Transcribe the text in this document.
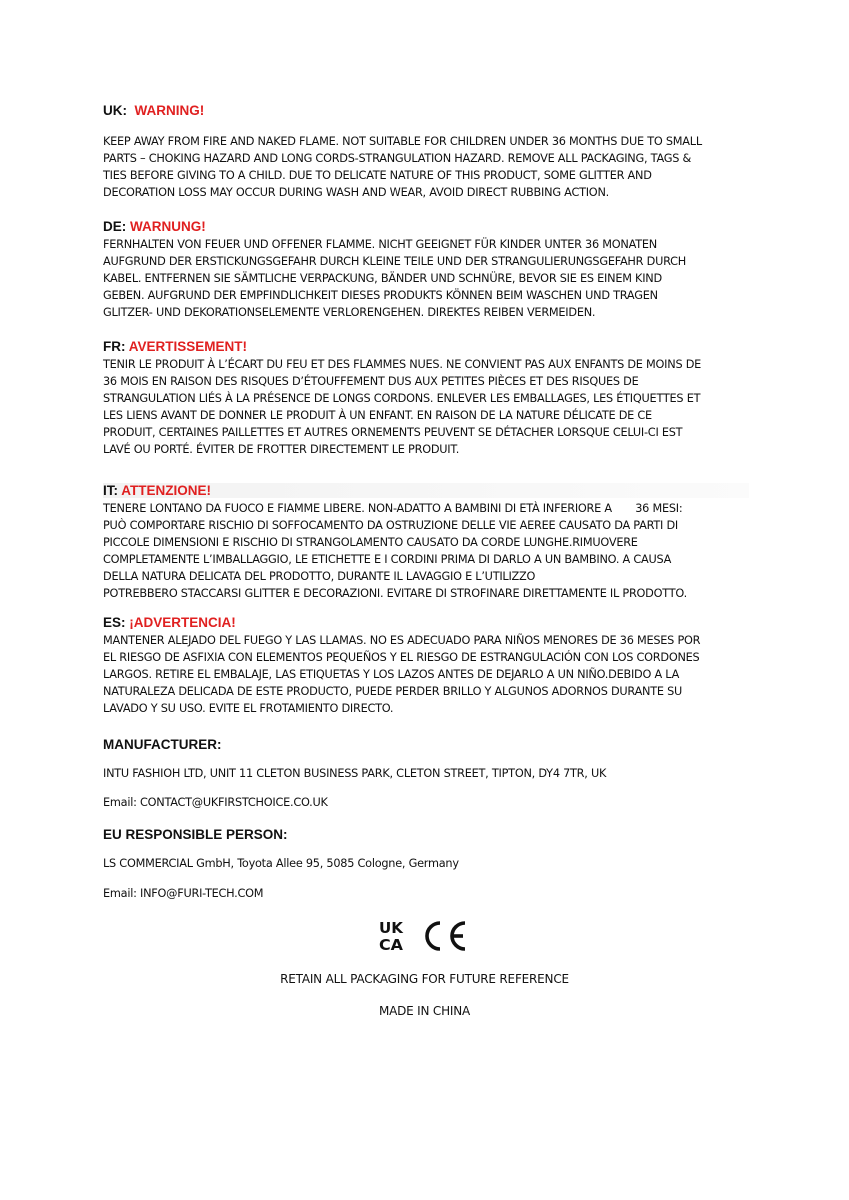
UK: WARNING!
KEEP AWAY FROM FIRE AND NAKED FLAME. NOT SUITABLE FOR CHILDREN UNDER 36 MONTHS DUE TO SMALL
PARTS – CHOKING HAZARD AND LONG CORDS-STRANGULATION HAZARD. REMOVE ALL PACKAGING, TAGS &
TIES BEFORE GIVING TO A CHILD. DUE TO DELICATE NATURE OF THIS PRODUCT, SOME GLITTER AND
DECORATION LOSS MAY OCCUR DURING WASH AND WEAR, AVOID DIRECT RUBBING ACTION.
DE: WARNUNG!
FERNHALTEN VON FEUER UND OFFENER FLAMME. NICHT GEEIGNET FÜR KINDER UNTER 36 MONATEN
AUFGRUND DER ERSTICKUNGSGEFAHR DURCH KLEINE TEILE UND DER STRANGULIERUNGSGEFAHR DURCH
KABEL. ENTFERNEN SIE SÄMTLICHE VERPACKUNG, BÄNDER UND SCHNÜRE, BEVOR SIE ES EINEM KIND
GEBEN. AUFGRUND DER EMPFINDLICHKEIT DIESES PRODUKTS KÖNNEN BEIM WASCHEN UND TRAGEN
GLITZER- UND DEKORATIONSELEMENTE VERLORENGEHEN. DIREKTES REIBEN VERMEIDEN.
FR: AVERTISSEMENT!
TENIR LE PRODUIT À L’ÉCART DU FEU ET DES FLAMMES NUES. NE CONVIENT PAS AUX ENFANTS DE MOINS DE
36 MOIS EN RAISON DES RISQUES D’ÉTOUFFEMENT DUS AUX PETITES PIÈCES ET DES RISQUES DE
STRANGULATION LIÉS À LA PRÉSENCE DE LONGS CORDONS. ENLEVER LES EMBALLAGES, LES ÉTIQUETTES ET
LES LIENS AVANT DE DONNER LE PRODUIT À UN ENFANT. EN RAISON DE LA NATURE DÉLICATE DE CE
PRODUIT, CERTAINES PAILLETTES ET AUTRES ORNEMENTS PEUVENT SE DÉTACHER LORSQUE CELUI-CI EST
LAVÉ OU PORTÉ. ÉVITER DE FROTTER DIRECTEMENT LE PRODUIT.
IT: ATTENZIONE!
TENERE LONTANO DA FUOCO E FIAMME LIBERE. NON-ADATTO A BAMBINI DI ETÀ INFERIORE A       36 MESI:
PUÒ COMPORTARE RISCHIO DI SOFFOCAMENTO DA OSTRUZIONE DELLE VIE AEREE CAUSATO DA PARTI DI
PICCOLE DIMENSIONI E RISCHIO DI STRANGOLAMENTO CAUSATO DA CORDE LUNGHE.RIMUOVERE
COMPLETAMENTE L’IMBALLAGGIO, LE ETICHETTE E I CORDINI PRIMA DI DARLO A UN BAMBINO. A CAUSA
DELLA NATURA DELICATA DEL PRODOTTO, DURANTE IL LAVAGGIO E L’UTILIZZO
POTREBBERO STACCARSI GLITTER E DECORAZIONI. EVITARE DI STROFINARE DIRETTAMENTE IL PRODOTTO.
ES: ¡ADVERTENCIA!
MANTENER ALEJADO DEL FUEGO Y LAS LLAMAS. NO ES ADECUADO PARA NIÑOS MENORES DE 36 MESES POR
EL RIESGO DE ASFIXIA CON ELEMENTOS PEQUEÑOS Y EL RIESGO DE ESTRANGULACIÓN CON LOS CORDONES
LARGOS. RETIRE EL EMBALAJE, LAS ETIQUETAS Y LOS LAZOS ANTES DE DEJARLO A UN NIÑO.DEBIDO A LA
NATURALEZA DELICADA DE ESTE PRODUCTO, PUEDE PERDER BRILLO Y ALGUNOS ADORNOS DURANTE SU
LAVADO Y SU USO. EVITE EL FROTAMIENTO DIRECTO.
MANUFACTURER:
INTU FASHIOH LTD, UNIT 11 CLETON BUSINESS PARK, CLETON STREET, TIPTON, DY4 7TR, UK
Email: CONTACT@UKFIRSTCHOICE.CO.UK
EU RESPONSIBLE PERSON:
LS COMMERCIAL GmbH, Toyota Allee 95, 5085 Cologne, Germany
Email: INFO@FURI-TECH.COM
UK
CA
CE
RETAIN ALL PACKAGING FOR FUTURE REFERENCE
MADE IN CHINA
